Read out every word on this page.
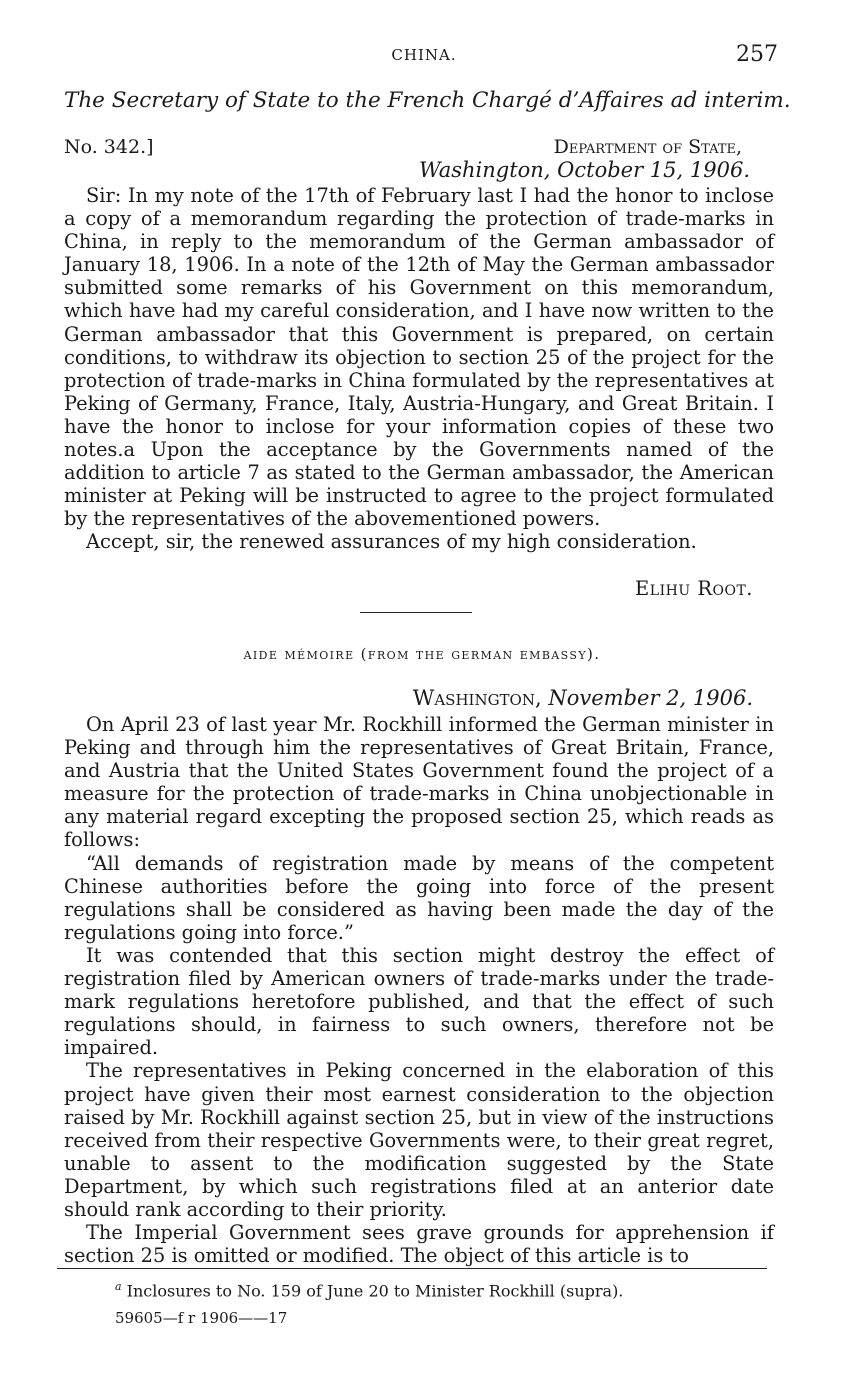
CHINA.	257
The Secretary of State to the French Chargé d’Affaires ad interim.
No. 342.]	Department of State,
Washington, October 15, 1906.

Sir: In my note of the 17th of February last I had the honor to inclose a copy of a memorandum regarding the protection of trade-marks in China, in reply to the memorandum of the German ambassador of January 18, 1906. In a note of the 12th of May the German ambassador submitted some remarks of his Government on this memorandum, which have had my careful consideration, and I have now written to the German ambassador that this Government is prepared, on certain conditions, to withdraw its objection to section 25 of the project for the protection of trade-marks in China formulated by the representatives at Peking of Germany, France, Italy, Austria-Hungary, and Great Britain. I have the honor to inclose for your information copies of these two notes.a Upon the acceptance by the Governments named of the addition to article 7 as stated to the German ambassador, the American minister at Peking will be instructed to agree to the project formulated by the representatives of the abovementioned powers.

Accept, sir, the renewed assurances of my high consideration.

Elihu Root.
aide mémoire (from the german embassy).
Washington, November 2, 1906.

On April 23 of last year Mr. Rockhill informed the German minister in Peking and through him the representatives of Great Britain, France, and Austria that the United States Government found the project of a measure for the protection of trade-marks in China unobjectionable in any material regard excepting the proposed section 25, which reads as follows:

“All demands of registration made by means of the competent Chinese authorities before the going into force of the present regulations shall be considered as having been made the day of the regulations going into force.”

It was contended that this section might destroy the effect of registration filed by American owners of trade-marks under the trade-mark regulations heretofore published, and that the effect of such regulations should, in fairness to such owners, therefore not be impaired.

The representatives in Peking concerned in the elaboration of this project have given their most earnest consideration to the objection raised by Mr. Rockhill against section 25, but in view of the instructions received from their respective Governments were, to their great regret, unable to assent to the modification suggested by the State Department, by which such registrations filed at an anterior date should rank according to their priority.

The Imperial Government sees grave grounds for apprehension if section 25 is omitted or modified. The object of this article is to

$^a$ Inclosures to No. 159 of June 20 to Minister Rockhill (supra).
59605—f r 1906——17
